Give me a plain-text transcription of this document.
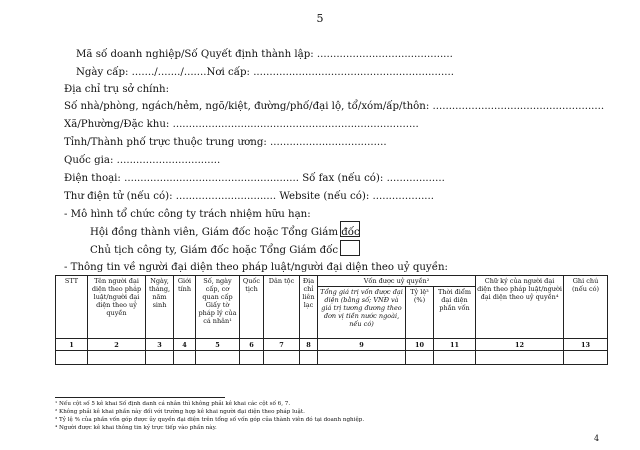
5
Mã số doanh nghiệp/Số Quyết định thành lập: ..........................................
Ngày cấp: ......./......./.......Nơi cấp: ..............................................................
Địa chỉ trụ sở chính:
Số nhà/phòng, ngách/hẻm, ngõ/kiệt, đường/phố/đại lộ, tổ/xóm/ấp/thôn: .....................................................
Xã/Phường/Đặc khu: ............................................................................
Tỉnh/Thành phố trực thuộc trung ương: ....................................
Quốc gia: ................................
Điện thoại: ...................................................... Số fax (nếu có): ..................
Thư điện tử (nếu có): ............................... Website (nếu có): ...................
- Mô hình tổ chức công ty trách nhiệm hữu hạn:
Hội đồng thành viên, Giám đốc hoặc Tổng Giám đốc
Chủ tịch công ty, Giám đốc hoặc Tổng Giám đốc
- Thông tin về người đại diện theo pháp luật/người đại diện theo uỷ quyền:
STT	Tên người đại diện theo pháp luật/người đại diện theo uỷ quyền	Ngày, tháng, năm sinh	Giới tính	Số, ngày cấp, cơ quan cấp Giấy tờ pháp lý của cá nhân¹	Quốc tịch	Dân tộc	Địa chỉ liên lạc	Vốn được uỷ quyền²			Chữ ký của người đại diện theo pháp luật/người đại diện theo uỷ quyền⁴	Ghi chú (nếu có)
								Tổng giá trị vốn được đại diện (bằng số; VNĐ và giá trị tương đương theo đơn vị tiền nước ngoài, nếu có)	Tỷ lệ³ (%)	Thời điểm đại diện phần vốn		
1	2	3	4	5	6	7	8	9	10	11	12	13

¹ Nếu cột số 5 kê khai Số định danh cá nhân thì không phải kê khai các cột số 6, 7.
² Không phải kê khai phần này đối với trường hợp kê khai người đại diện theo pháp luật.
³ Tỷ lệ % của phần vốn góp được ủy quyền đại diện trên tổng số vốn góp của thành viên đó tại doanh nghiệp.
⁴ Người được kê khai thông tin ký trực tiếp vào phần này.
4
